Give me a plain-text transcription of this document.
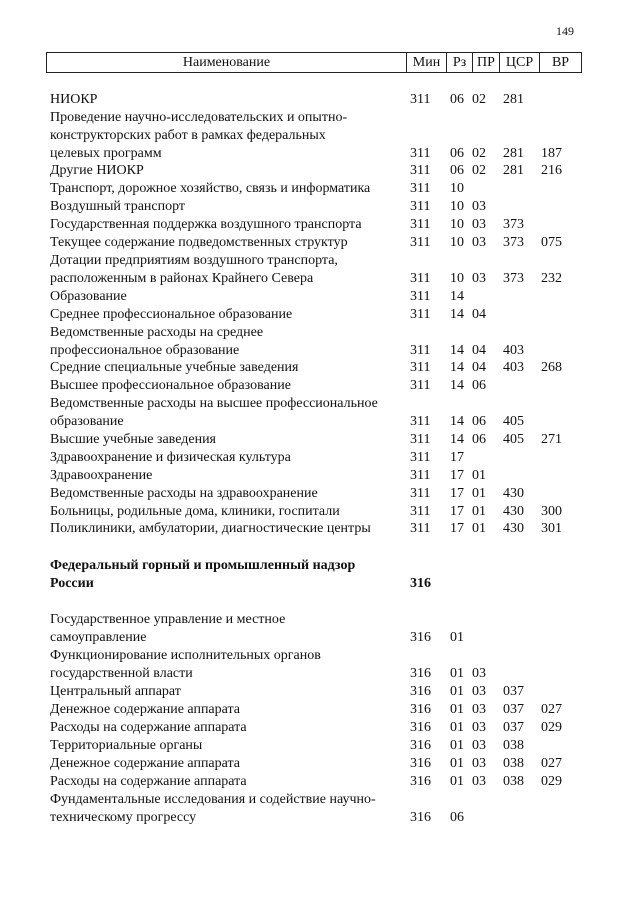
149
Наименование	Мин Рз ПР ЦСР	ВР
НИОКР	311 06 02 281
Проведение научно-исследовательских и опытно-
конструкторских работ в рамках федеральных
целевых программ	311 06 02 281 187
Другие НИОКР	311 06 02 281 216
Транспорт, дорожное хозяйство, связь и информатика	311 10
Воздушный транспорт	311 10 03
Государственная поддержка воздушного транспорта	311 10 03 373
Текущее содержание подведомственных структур	311 10 03 373 075
Дотации предприятиям воздушного транспорта,
расположенным в районах Крайнего Севера	311 10 03 373 232
Образование	311 14
Среднее профессиональное образование	311 14 04
Ведомственные расходы на среднее
профессиональное образование	311 14 04 403
Средние специальные учебные заведения	311 14 04 403 268
Высшее профессиональное образование	311 14 06
Ведомственные расходы на высшее профессиональное
образование	311 14 06 405
Высшие учебные заведения	311 14 06 405 271
Здравоохранение и физическая культура	311 17
Здравоохранение	311 17 01
Ведомственные расходы на здравоохранение	311 17 01 430
Больницы, родильные дома, клиники, госпитали	311 17 01 430 300
Поликлиники, амбулатории, диагностические центры	311 17 01 430 301
Федеральный горный и промышленный надзор
России	316
Государственное управление и местное
самоуправление	316 01
Функционирование исполнительных органов
государственной власти	316 01 03
Центральный аппарат	316 01 03 037
Денежное содержание аппарата	316 01 03 037 027
Расходы на содержание аппарата	316 01 03 037 029
Территориальные органы	316 01 03 038
Денежное содержание аппарата	316 01 03 038 027
Расходы на содержание аппарата	316 01 03 038 029
Фундаментальные исследования и содействие научно-
техническому прогрессу	316 06
